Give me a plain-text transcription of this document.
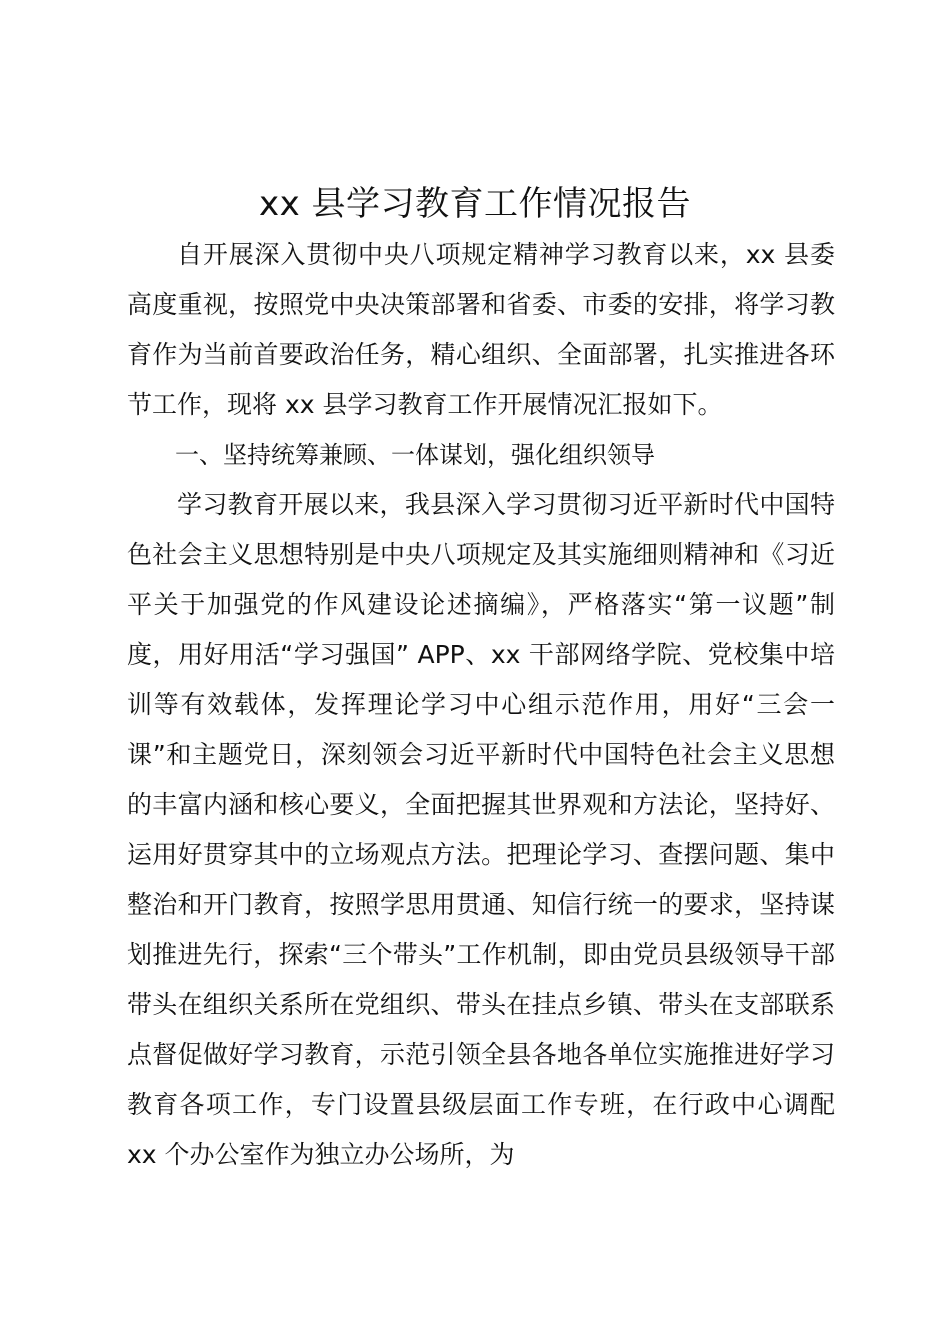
xx 县学习教育工作情况报告

自开展深入贯彻中央八项规定精神学习教育以来，xx 县委高度重视，按照党中央决策部署和省委、市委的安排，将学习教育作为当前首要政治任务，精心组织、全面部署，扎实推进各环节工作，现将 xx 县学习教育工作开展情况汇报如下。

一、坚持统筹兼顾、一体谋划，强化组织领导

学习教育开展以来，我县深入学习贯彻习近平新时代中国特色社会主义思想特别是中央八项规定及其实施细则精神和《习近平关于加强党的作风建设论述摘编》，严格落实“第一议题”制度，用好用活“学习强国” APP、xx 干部网络学院、党校集中培训等有效载体，发挥理论学习中心组示范作用，用好“三会一课”和主题党日，深刻领会习近平新时代中国特色社会主义思想的丰富内涵和核心要义，全面把握其世界观和方法论，坚持好、运用好贯穿其中的立场观点方法。把理论学习、查摆问题、集中整治和开门教育，按照学思用贯通、知信行统一的要求，坚持谋划推进先行，探索“三个带头”工作机制，即由党员县级领导干部带头在组织关系所在党组织、带头在挂点乡镇、带头在支部联系点督促做好学习教育，示范引领全县各地各单位实施推进好学习教育各项工作，专门设置县级层面工作专班，在行政中心调配 xx 个办公室作为独立办公场所，为
